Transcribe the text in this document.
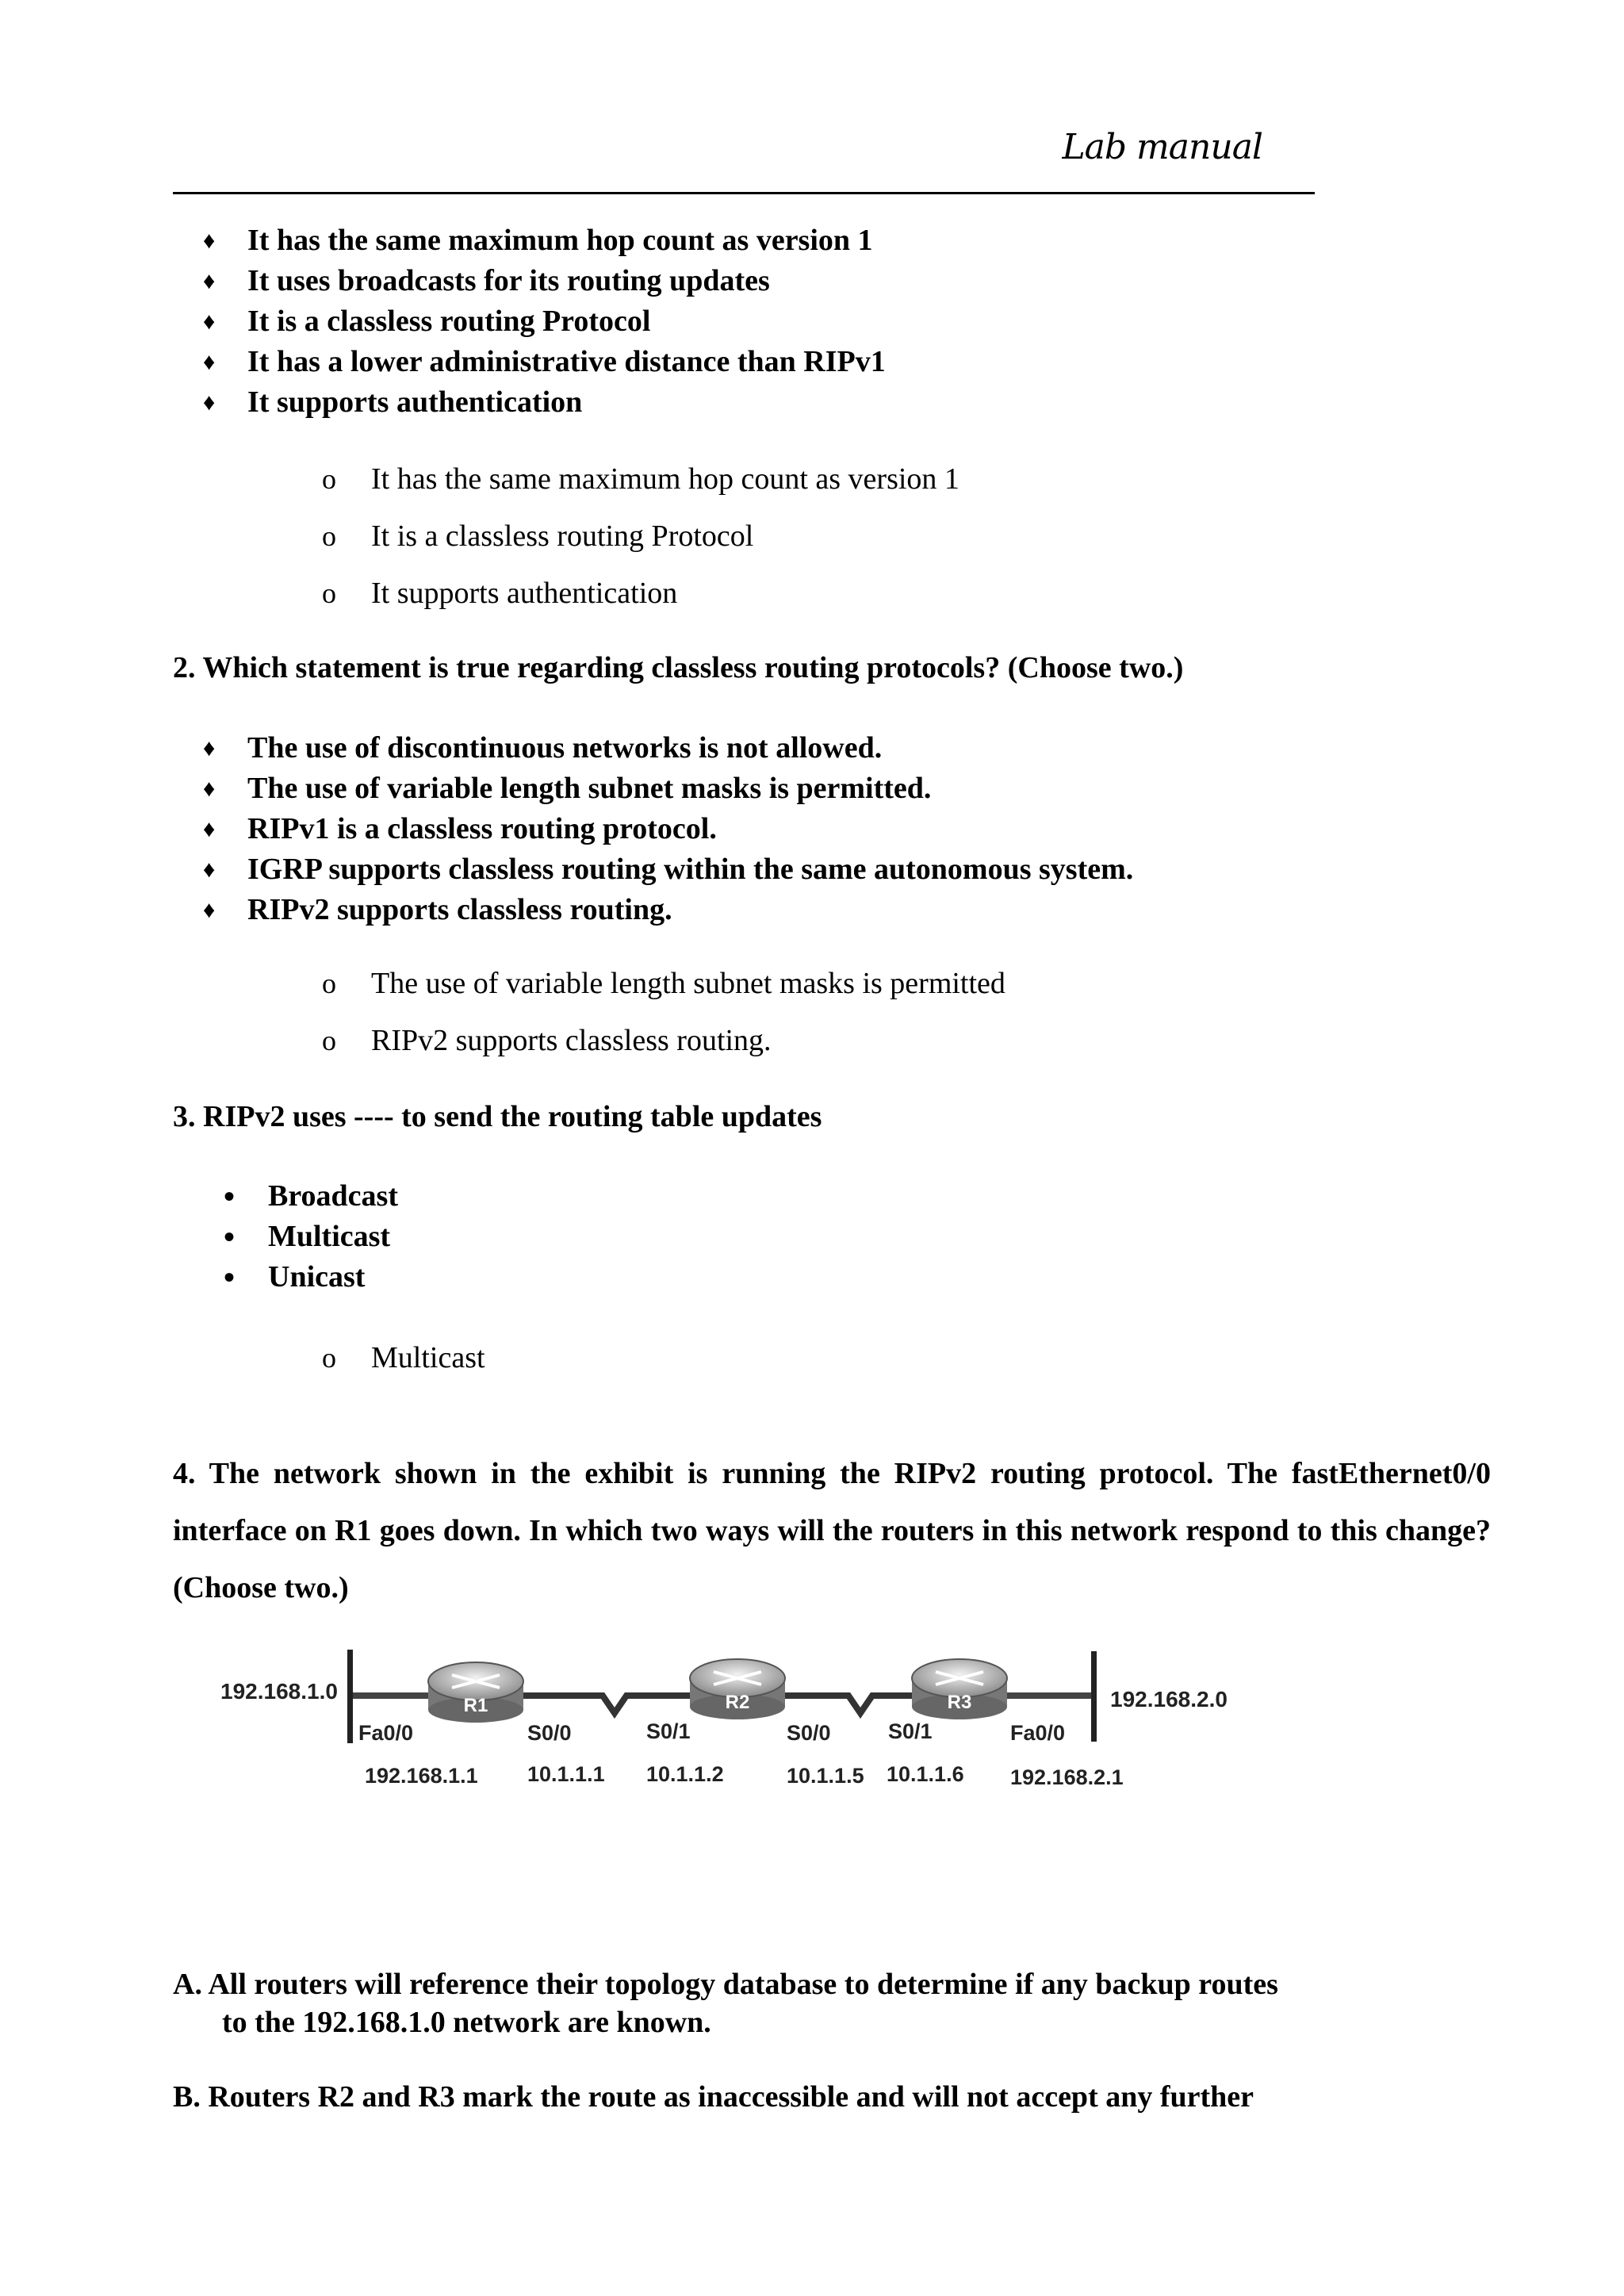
Lab manual
♦ It has the same maximum hop count as version 1
♦ It uses broadcasts for its routing updates
♦ It is a classless routing Protocol
♦ It has a lower administrative distance than RIPv1
♦ It supports authentication
o It has the same maximum hop count as version 1
o It is a classless routing Protocol
o It supports authentication
2. Which statement is true regarding classless routing protocols? (Choose two.)
♦ The use of discontinuous networks is not allowed.
♦ The use of variable length subnet masks is permitted.
♦ RIPv1 is a classless routing protocol.
♦ IGRP supports classless routing within the same autonomous system.
♦ RIPv2 supports classless routing.
o The use of variable length subnet masks is permitted
o RIPv2 supports classless routing.
3. RIPv2 uses ---- to send the routing table updates
• Broadcast
• Multicast
• Unicast
o Multicast
4. The network shown in the exhibit is running the RIPv2 routing protocol. The fastEthernet0/0 interface on R1 goes down. In which two ways will the routers in this network respond to this change? (Choose two.)
R1	R2	R3
192.168.1.0	192.168.2.0
Fa0/0	S0/0	S0/1	S0/0	S0/1	Fa0/0
192.168.1.1 10.1.1.1 10.1.1.2	10.1.1.5 10.1.1.6 192.168.2.1
A. All routers will reference their topology database to determine if any backup routes
to the 192.168.1.0 network are known.
B. Routers R2 and R3 mark the route as inaccessible and will not accept any further
